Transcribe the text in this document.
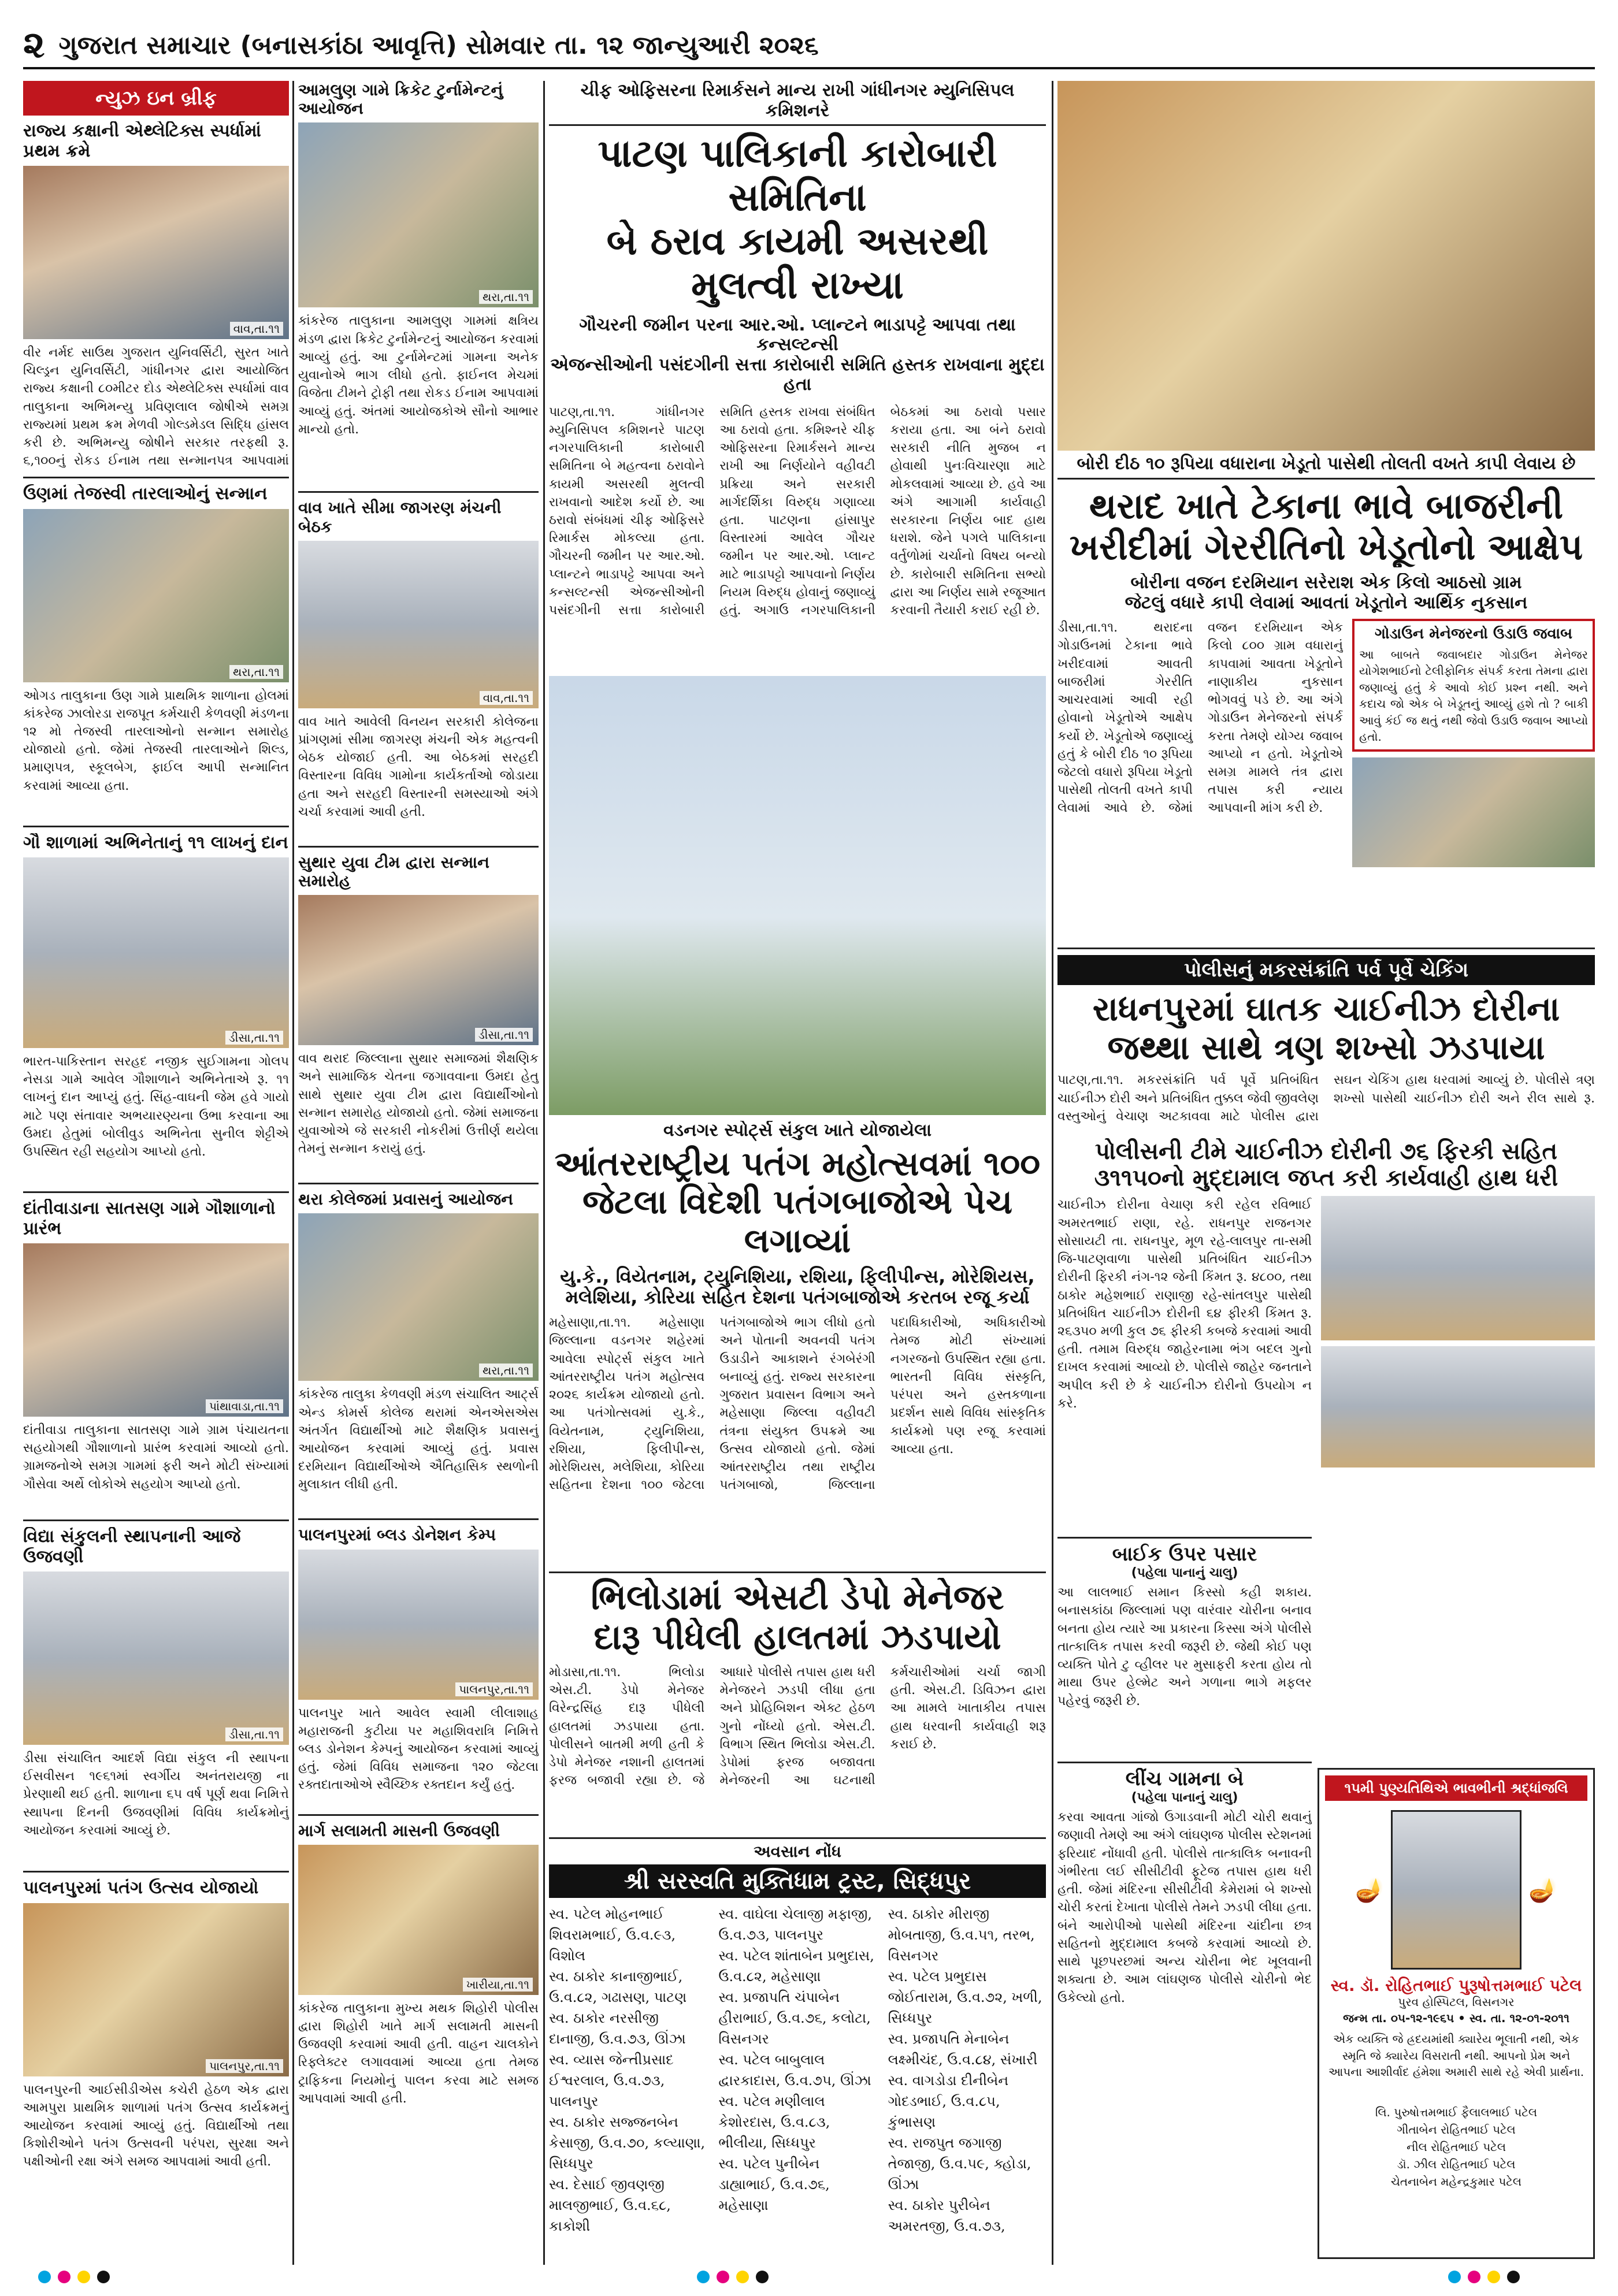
૨ ગુજરાત સમાચાર (બનાસકાંઠા આવૃત્તિ) સોમવાર તા. ૧૨ જાન્યુઆરી ૨૦૨૬
ન્યુઝ ઇન બ્રીફ
રાજ્ય કક્ષાની એથ્લેટિક્સ સ્પર્ધામાં પ્રથમ ક્રમે
વાવ,તા.૧૧
વીર નર્મદ સાઉથ ગુજરાત યુનિવર્સિટી, સુરત ખાતે ચિલ્ડ્રન યુનિવર્સિટી, ગાંધીનગર દ્વારા આયોજિત રાજ્ય કક્ષાની ૮૦મીટર દોડ એથ્લેટિક્સ સ્પર્ધામાં વાવ તાલુકાના અભિમન્યુ પ્રવિણલાલ જોષીએ સમગ્ર રાજ્યમાં પ્રથમ ક્રમ મેળવી ગોલ્ડમેડલ સિદ્ધિ હાંસલ કરી છે. અભિમન્યુ જોષીને સરકાર તરફથી રૂ. ૬,૧૦૦નું રોકડ ઈનામ તથા સન્માનપત્ર આપવામાં
ઉણમાં તેજસ્વી તારલાઓનું સન્માન
થરા,તા.૧૧
ઓગડ તાલુકાના ઉણ ગામે પ્રાથમિક શાળાના હોલમાં કાંકરેજ ઝાલોરડા રાજપૂત કર્મચારી કેળવણી મંડળના ૧૨ મો તેજસ્વી તારલાઓનો સન્માન સમારોહ યોજાયો હતો. જેમાં તેજસ્વી તારલાઓને શિલ્ડ, પ્રમાણપત્ર, સ્કૂલબેગ, ફાઈલ આપી સન્માનિત કરવામાં આવ્યા હતા.
ગૌ શાળામાં અભિનેતાનું ૧૧ લાખનું દાન
ડીસા,તા.૧૧
ભારત-પાકિસ્તાન સરહદ નજીક સુઈગામના ગોલપ નેસડા ગામે આવેલ ગૌશાળાને અભિનેતાએ રૂ. ૧૧ લાખનું દાન આપ્યું હતું. સિંહ-વાઘની જેમ હવે ગાયો માટે પણ સંતાવાર અભયારણ્યના ઉભા કરવાના આ ઉમદા હેતુમાં બોલીવુડ અભિનેતા સુનીલ શેટ્ટીએ ઉપસ્થિત રહી સહયોગ આપ્યો હતો.
દાંતીવાડાના સાતસણ ગામે ગૌશાળાનો પ્રારંભ
પાંથાવાડા,તા.૧૧
દાંતીવાડા તાલુકાના સાતસણ ગામે ગ્રામ પંચાયતના સહયોગથી ગૌશાળાનો પ્રારંભ કરવામાં આવ્યો હતો. ગ્રામજનોએ સમગ્ર ગામમાં ફરી અને મોટી સંખ્યામાં ગૌસેવા અર્થે લોકોએ સહયોગ આપ્યો હતો.
વિદ્યા સંકુલની સ્થાપનાની આજે ઉજવણી
ડીસા,તા.૧૧
ડીસા સંચાલિત આદર્શ વિદ્યા સંકુલ ની સ્થાપના ઈસવીસન ૧૯૬૧માં સ્વર્ગીય અનંતરાયજી ના પ્રેરણાથી થઈ હતી. શાળાના ૬૫ વર્ષ પૂર્ણ થવા નિમિત્તે સ્થાપના દિનની ઉજવણીમાં વિવિધ કાર્યક્રમોનું આયોજન કરવામાં આવ્યું છે.
પાલનપુરમાં પતંગ ઉત્સવ યોજાયો
પાલનપુર,તા.૧૧
પાલનપુરની આઈસીડીએસ કચેરી હેઠળ એક દ્વારા આમપુરા પ્રાથમિક શાળામાં પતંગ ઉત્સવ કાર્યક્રમનું આયોજન કરવામાં આવ્યું હતું. વિદ્યાર્થીઓ તથા કિશોરીઓને પતંગ ઉત્સવની પરંપરા, સુરક્ષા અને પક્ષીઓની રક્ષા અંગે સમજ આપવામાં આવી હતી.
આમલુણ ગામે ક્રિકેટ ટુર્નામેન્ટનું આયોજન
થરા,તા.૧૧
કાંકરેજ તાલુકાના આમલુણ ગામમાં ક્ષત્રિય મંડળ દ્વારા ક્રિકેટ ટુર્નામેન્ટનું આયોજન કરવામાં આવ્યું હતું. આ ટુર્નામેન્ટમાં ગામના અનેક યુવાનોએ ભાગ લીધો હતો. ફાઈનલ મેચમાં વિજેતા ટીમને ટ્રોફી તથા રોકડ ઈનામ આપવામાં આવ્યું હતું. અંતમાં આયોજકોએ સૌનો આભાર માન્યો હતો.
વાવ ખાતે સીમા જાગરણ મંચની બેઠક
વાવ,તા.૧૧
વાવ ખાતે આવેલી વિનયન સરકારી કોલેજના પ્રાંગણમાં સીમા જાગરણ મંચની એક મહત્વની બેઠક યોજાઈ હતી. આ બેઠકમાં સરહદી વિસ્તારના વિવિધ ગામોના કાર્યકર્તાઓ જોડાયા હતા અને સરહદી વિસ્તારની સમસ્યાઓ અંગે ચર્ચા કરવામાં આવી હતી.
સુથાર યુવા ટીમ દ્વારા સન્માન સમારોહ
ડીસા,તા.૧૧
વાવ થરાદ જિલ્લાના સુથાર સમાજમાં શૈક્ષણિક અને સામાજિક ચેતના જગાવવાના ઉમદા હેતુ સાથે સુથાર યુવા ટીમ દ્વારા વિદ્યાર્થીઓનો સન્માન સમારોહ યોજાયો હતો. જેમાં સમાજના યુવાઓએ જે સરકારી નોકરીમાં ઉત્તીર્ણ થયેલા તેમનું સન્માન કરાયું હતું.
થરા કોલેજમાં પ્રવાસનું આયોજન
થરા,તા.૧૧
કાંકરેજ તાલુકા કેળવણી મંડળ સંચાલિત આર્ટ્સ એન્ડ કોમર્સ કોલેજ થરામાં એનએસએસ અંતર્ગત વિદ્યાર્થીઓ માટે શૈક્ષણિક પ્રવાસનું આયોજન કરવામાં આવ્યું હતું. પ્રવાસ દરમિયાન વિદ્યાર્થીઓએ ઐતિહાસિક સ્થળોની મુલાકાત લીધી હતી.
પાલનપુરમાં બ્લડ ડોનેશન કેમ્પ
પાલનપુર,તા.૧૧
પાલનપુર ખાતે આવેલ સ્વામી લીલાશાહ મહારાજની કુટીયા પર મહાશિવરાત્રિ નિમિત્તે બ્લડ ડોનેશન કેમ્પનું આયોજન કરવામાં આવ્યું હતું. જેમાં વિવિધ સમાજના ૧૨૦ જેટલા રક્તદાતાઓએ સ્વૈચ્છિક રક્તદાન કર્યું હતું.
માર્ગ સલામતી માસની ઉજવણી
ખારીયા,તા.૧૧
કાંકરેજ તાલુકાના મુખ્ય મથક શિહોરી પોલીસ દ્વારા શિહોરી ખાતે માર્ગ સલામતી માસની ઉજવણી કરવામાં આવી હતી. વાહન ચાલકોને રિફ્લેક્ટર લગાવવામાં આવ્યા હતા તેમજ ટ્રાફિકના નિયમોનું પાલન કરવા માટે સમજ આપવામાં આવી હતી.
ચીફ ઓફિસરના રિમાર્કસને માન્ય રાખી ગાંધીનગર મ્યુનિસિપલ કમિશનરે
પાટણ પાલિકાની કારોબારી સમિતિના
બે ઠરાવ કાયમી અસરથી મુલત્વી રાખ્યા
ગૌચરની જમીન પરના આર.ઓ. પ્લાન્ટને ભાડાપટ્ટે આપવા તથા કન્સલ્ટન્સી
એજન્સીઓની પસંદગીની સત્તા કારોબારી સમિતિ હસ્તક રાખવાના મુદ્દા હતા
પાટણ,તા.૧૧. ગાંધીનગર મ્યુનિસિપલ કમિશનરે પાટણ નગરપાલિકાની કારોબારી સમિતિના બે મહત્વના ઠરાવોને કાયમી અસરથી મુલત્વી રાખવાનો આદેશ કર્યો છે. આ ઠરાવો સંબંધમાં ચીફ ઓફિસરે રિમાર્કસ મોકલ્યા હતા. ગૌચરની જમીન પર આર.ઓ. પ્લાન્ટને ભાડાપટ્ટે આપવા અને કન્સલ્ટન્સી એજન્સીઓની પસંદગીની સત્તા કારોબારી સમિતિ હસ્તક રાખવા સંબંધિત આ ઠરાવો હતા. કમિશ્નરે ચીફ ઓફિસરના રિમાર્કસને માન્ય રાખી આ નિર્ણયોને વહીવટી પ્રક્રિયા અને સરકારી માર્ગદર્શિકા વિરુદ્ધ ગણાવ્યા હતા. પાટણના હાંસાપુર વિસ્તારમાં આવેલ ગૌચર જમીન પર આર.ઓ. પ્લાન્ટ માટે ભાડાપટ્ટો આપવાનો નિર્ણય નિયમ વિરુદ્ધ હોવાનું જણાવ્યું હતું. અગાઉ નગરપાલિકાની બેઠકમાં આ ઠરાવો પસાર કરાયા હતા. આ બંને ઠરાવો સરકારી નીતિ મુજબ ન હોવાથી પુનઃવિચારણા માટે મોકલવામાં આવ્યા છે. હવે આ અંગે આગામી કાર્યવાહી સરકારના નિર્ણય બાદ હાથ ધરાશે. જેને પગલે પાલિકાના વર્તુળોમાં ચર્ચાનો વિષય બન્યો છે. કારોબારી સમિતિના સભ્યો દ્વારા આ નિર્ણય સામે રજૂઆત કરવાની તૈયારી કરાઈ રહી છે.
બોરી દીઠ ૧૦ રૂપિયા વધારાના ખેડૂતો પાસેથી તોલતી વખતે કાપી લેવાય છે
થરાદ ખાતે ટેકાના ભાવે બાજરીની
ખરીદીમાં ગેરરીતિનો ખેડૂતોનો આક્ષેપ
બોરીના વજન દરમિયાન સરેરાશ એક કિલો આઠસો ગ્રામ
જેટલું વધારે કાપી લેવામાં આવતાં ખેડૂતોને આર્થિક નુકસાન
ડીસા,તા.૧૧. થરાદના ગોડાઉનમાં ટેકાના ભાવે ખરીદવામાં આવતી બાજરીમાં ગેરરીતિ આચરવામાં આવી રહી હોવાનો ખેડૂતોએ આક્ષેપ કર્યો છે. ખેડૂતોએ જણાવ્યું હતું કે બોરી દીઠ ૧૦ રૂપિયા જેટલો વધારો રૂપિયા ખેડૂતો પાસેથી તોલતી વખતે કાપી લેવામાં આવે છે. જેમાં વજન દરમિયાન એક કિલો ૮૦૦ ગ્રામ વધારાનું કાપવામાં આવતા ખેડૂતોને નાણાકીય નુકસાન ભોગવવું પડે છે. આ અંગે ગોડાઉન મેનેજરનો સંપર્ક કરતા તેમણે યોગ્ય જવાબ આપ્યો ન હતો. ખેડૂતોએ સમગ્ર મામલે તંત્ર દ્વારા તપાસ કરી ન્યાય આપવાની માંગ કરી છે.
ગોડાઉન મેનેજરનો ઉડાઉ જવાબ
આ બાબતે જવાબદાર ગોડાઉન મેનેજર યોગેશભાઈનો ટેલીફોનિક સંપર્ક કરતા તેમના દ્વારા જણાવ્યું હતું કે આવો કોઈ પ્રશ્ન નથી. અને કદાચ જો એક બે ખેડૂતનું આવ્યું હશે તો ? બાકી આવું કંઈ જ થતું નથી જેવો ઉડાઉ જવાબ આપ્યો હતો.
વડનગર સ્પોર્ટ્સ સંકુલ ખાતે યોજાયેલા
આંતરરાષ્ટ્રીય પતંગ મહોત્સવમાં ૧૦૦
જેટલા વિદેશી પતંગબાજોએ પેચ લગાવ્યાં
યુ.કે., વિયેતનામ, ટ્યુનિશિયા, રશિયા, ફિલીપીન્સ, મોરેશિયસ, મલેશિયા, કોરિયા સહિત દેશના પતંગબાજોએ કરતબ રજૂ કર્યા
મહેસાણા,તા.૧૧. મહેસાણા જિલ્લાના વડનગર શહેરમાં આવેલા સ્પોર્ટ્સ સંકુલ ખાતે આંતરરાષ્ટ્રીય પતંગ મહોત્સવ ૨૦૨૬ કાર્યક્રમ યોજાયો હતો. આ પતંગોત્સવમાં યુ.કે., વિયેતનામ, ટ્યુનિશિયા, રશિયા, ફિલીપીન્સ, મોરેશિયસ, મલેશિયા, કોરિયા સહિતના દેશના ૧૦૦ જેટલા પતંગબાજોએ ભાગ લીધો હતો અને પોતાની અવનવી પતંગ ઉડાડીને આકાશને રંગબેરંગી બનાવ્યું હતું. રાજ્ય સરકારના ગુજરાત પ્રવાસન વિભાગ અને મહેસાણા જિલ્લા વહીવટી તંત્રના સંયુક્ત ઉપક્રમે આ ઉત્સવ યોજાયો હતો. જેમાં આંતરરાષ્ટ્રીય તથા રાષ્ટ્રીય પતંગબાજો, જિલ્લાના પદાધિકારીઓ, અધિકારીઓ તેમજ મોટી સંખ્યામાં નગરજનો ઉપસ્થિત રહ્યા હતા. ભારતની વિવિધ સંસ્કૃતિ, પરંપરા અને હસ્તકળાના પ્રદર્શન સાથે વિવિધ સાંસ્કૃતિક કાર્યક્રમો પણ રજૂ કરવામાં આવ્યા હતા.
ભિલોડામાં એસટી ડેપો મેનેજર
દારૂ પીધેલી હાલતમાં ઝડપાયો
મોડાસા,તા.૧૧. ભિલોડા એસ.ટી. ડેપો મેનેજર વિરેન્દ્રસિંહ દારૂ પીધેલી હાલતમાં ઝડપાયા હતા. પોલીસને બાતમી મળી હતી કે ડેપો મેનેજર નશાની હાલતમાં ફરજ બજાવી રહ્યા છે. જે આધારે પોલીસે તપાસ હાથ ધરી મેનેજરને ઝડપી લીધા હતા અને પ્રોહિબિશન એક્ટ હેઠળ ગુનો નોંધ્યો હતો. એસ.ટી. વિભાગ સ્થિત ભિલોડા એસ.ટી. ડેપોમાં ફરજ બજાવતા મેનેજરની આ ઘટનાથી કર્મચારીઓમાં ચર્ચા જાગી હતી. એસ.ટી. ડિવિઝન દ્વારા આ મામલે ખાતાકીય તપાસ હાથ ધરવાની કાર્યવાહી શરૂ કરાઈ છે.
અવસાન નોંધ
શ્રી સરસ્વતિ મુક્તિધામ ટ્રસ્ટ, સિદ્ધપુર
સ્વ. પટેલ મોહનભાઈ શિવરામભાઈ, ઉ.વ.૯૩, વિશોલ
સ્વ. ઠાકોર કાનાજીભાઈ, ઉ.વ.૮૨, ગઢાસણ, પાટણ
સ્વ. ઠાકોર નરસીજી દાનાજી, ઉ.વ.૭૩, ઊંઝા
સ્વ. વ્યાસ જેન્તીપ્રસાદ ઈશ્વરલાલ, ઉ.વ.૭૩, પાલનપુર
સ્વ. ઠાકોર સજ્જનબેન કેસાજી, ઉ.વ.૭૦, કલ્યાણા, સિધ્ધપુર
સ્વ. દેસાઈ જીવણજી માલજીભાઈ, ઉ.વ.૬૮, કાકોશી
સ્વ. વાઘેલા ચેલાજી મફાજી, ઉ.વ.૭૩, પાલનપુર
સ્વ. પટેલ શાંતાબેન પ્રભુદાસ, ઉ.વ.૮૨, મહેસાણા
સ્વ. પ્રજાપતિ ચંપાબેન હીરાભાઈ, ઉ.વ.૭૬, કલોટા, વિસનગર
સ્વ. પટેલ બાબુલાલ દ્વારકાદાસ, ઉ.વ.૭૫, ઊંઝા
સ્વ. પટેલ મણીલાલ કેશોરદાસ, ઉ.વ.૮૩, ભીલીયા, સિધ્ધપુર
સ્વ. પટેલ પુનીબેન ડાહ્યાભાઈ, ઉ.વ.૭૬, મહેસાણા
સ્વ. ઠાકોર મીરાજી મોબતાજી, ઉ.વ.૫૧, તરભ, વિસનગર
સ્વ. પટેલ પ્રભુદાસ જોઈતારામ, ઉ.વ.૭૨, ખળી, સિધ્ધપુર
સ્વ. પ્રજાપતિ મેનાબેન લક્ષ્મીચંદ, ઉ.વ.૮૪, સંખારી
સ્વ. વાગડોડા દીનીબેન ગોદડભાઈ, ઉ.વ.૮૫, કુંભાસણ
સ્વ. રાજપુત જગાજી તેજાજી, ઉ.વ.૫૯, ક્હોડા, ઊંઝા
સ્વ. ઠાકોર પુરીબેન અમરતજી, ઉ.વ.૭૩,
પોલીસનું મકરસંક્રાંતિ પર્વ પૂર્વે ચેકિંગ
રાધનપુરમાં ઘાતક ચાઈનીઝ દોરીના
જથ્થા સાથે ત્રણ શખ્સો ઝડપાયા
પાટણ,તા.૧૧. મકરસંક્રાંતિ પર્વ પૂર્વે પ્રતિબંધિત ચાઈનીઝ દોરી અને પ્રતિબંધિત તુક્કલ જેવી જીવલેણ વસ્તુઓનું વેચાણ અટકાવવા માટે પોલીસ દ્વારા સઘન ચેકિંગ હાથ ધરવામાં આવ્યું છે. પોલીસે ત્રણ શખ્સો પાસેથી ચાઈનીઝ દોરી અને રીલ સાથે રૂ.
પોલીસની ટીમે ચાઈનીઝ દોરીની ૭૬ ફિરકી સહિત
૩૧૧૫૦નો મુદ્દામાલ જપ્ત કરી કાર્યવાહી હાથ ધરી
ચાઈનીઝ દોરીના વેચાણ કરી રહેલ રવિભાઈ અમરતભાઈ રાણા, રહે. રાધનપુર રાજનગર સોસાયટી તા. રાધનપુર, મૂળ રહે-લાલપુર તા-સમી જિ-પાટણવાળા પાસેથી પ્રતિબંધિત ચાઈનીઝ દોરીની ફિરકી નંગ-૧૨ જેની કિંમત રૂ. ૪૮૦૦, તથા ઠાકોર મહેશભાઈ રાણાજી રહે-સાંતલપુર પાસેથી પ્રતિબંધિત ચાઈનીઝ દોરીની ૬૪ ફીરકી કિંમત રૂ. ૨૬૩૫૦ મળી કુલ ૭૬ ફીરકી કબજે કરવામાં આવી હતી. તમામ વિરુદ્ધ જાહેરનામા ભંગ બદલ ગુનો દાખલ કરવામાં આવ્યો છે. પોલીસે જાહેર જનતાને અપીલ કરી છે કે ચાઈનીઝ દોરીનો ઉપયોગ ન કરે.
બાઈક ઉપર પસાર
(પહેલા પાનાનું ચાલુ)
આ લાલભાઈ સમાન કિસ્સો કહી શકાય. બનાસકાંઠા જિલ્લામાં પણ વારંવાર ચોરીના બનાવ બનતા હોય ત્યારે આ પ્રકારના કિસ્સા અંગે પોલીસે તાત્કાલિક તપાસ કરવી જરૂરી છે. જેથી કોઈ પણ વ્યક્તિ પોતે ટુ વ્હીલર પર મુસાફરી કરતા હોય તો માથા ઉપર હેલ્મેટ અને ગળાના ભાગે મફલર પહેરવું જરૂરી છે.
લીંચ ગામના બે
(પહેલા પાનાનું ચાલુ)
કરવા આવતા ગાંજો ઉગાડવાની મોટી ચોરી થવાનું જણાવી તેમણે આ અંગે લાંઘણજ પોલીસ સ્ટેશનમાં ફરિયાદ નોંધાવી હતી. પોલીસે તાત્કાલિક બનાવની ગંભીરતા લઈ સીસીટીવી ફૂટેજ તપાસ હાથ ધરી હતી. જેમાં મંદિરના સીસીટીવી કેમેરામાં બે શખ્સો ચોરી કરતાં દેખાતા પોલીસે તેમને ઝડપી લીધા હતા. બંને આરોપીઓ પાસેથી મંદિરના ચાંદીના છત્ર સહિતનો મુદ્દામાલ કબજે કરવામાં આવ્યો છે. સાથે પૂછપરછમાં અન્ય ચોરીના ભેદ ખૂલવાની શક્યતા છે. આમ લાંઘણજ પોલીસે ચોરીનો ભેદ ઉકેલ્યો હતો.
૧૫મી પુણ્યતિથિએ ભાવભીની શ્રદ્ધાંજલિ
🪔	🪔
સ્વ. ડૉ. રોહિતભાઈ પુરૂષોત્તમભાઈ પટેલ
પુરવ હોસ્પિટલ, વિસનગર
જન્મ તા. ૦૫-૧૨-૧૯૬૫ • સ્વ. તા. ૧૨-૦૧-૨૦૧૧
એક વ્યક્તિ જે હ્રદયમાંથી ક્યારેય ભૂલાતી નથી, એક સ્મૃતિ જે ક્યારેય વિસરાતી નથી. આપનો પ્રેમ અને આપના આશીર્વાદ હંમેશા અમારી સાથે રહે એવી પ્રાર્થના.
લિ. પુરુષોત્તમભાઈ ફૈલાલભાઈ પટેલ
ગીતાબેન રોહિતભાઈ પટેલ
નીલ રોહિતભાઈ પટેલ
ડૉ. ઝીલ રોહિતભાઈ પટેલ
ચેતનાબેન મહેન્દ્રકુમાર પટેલ
